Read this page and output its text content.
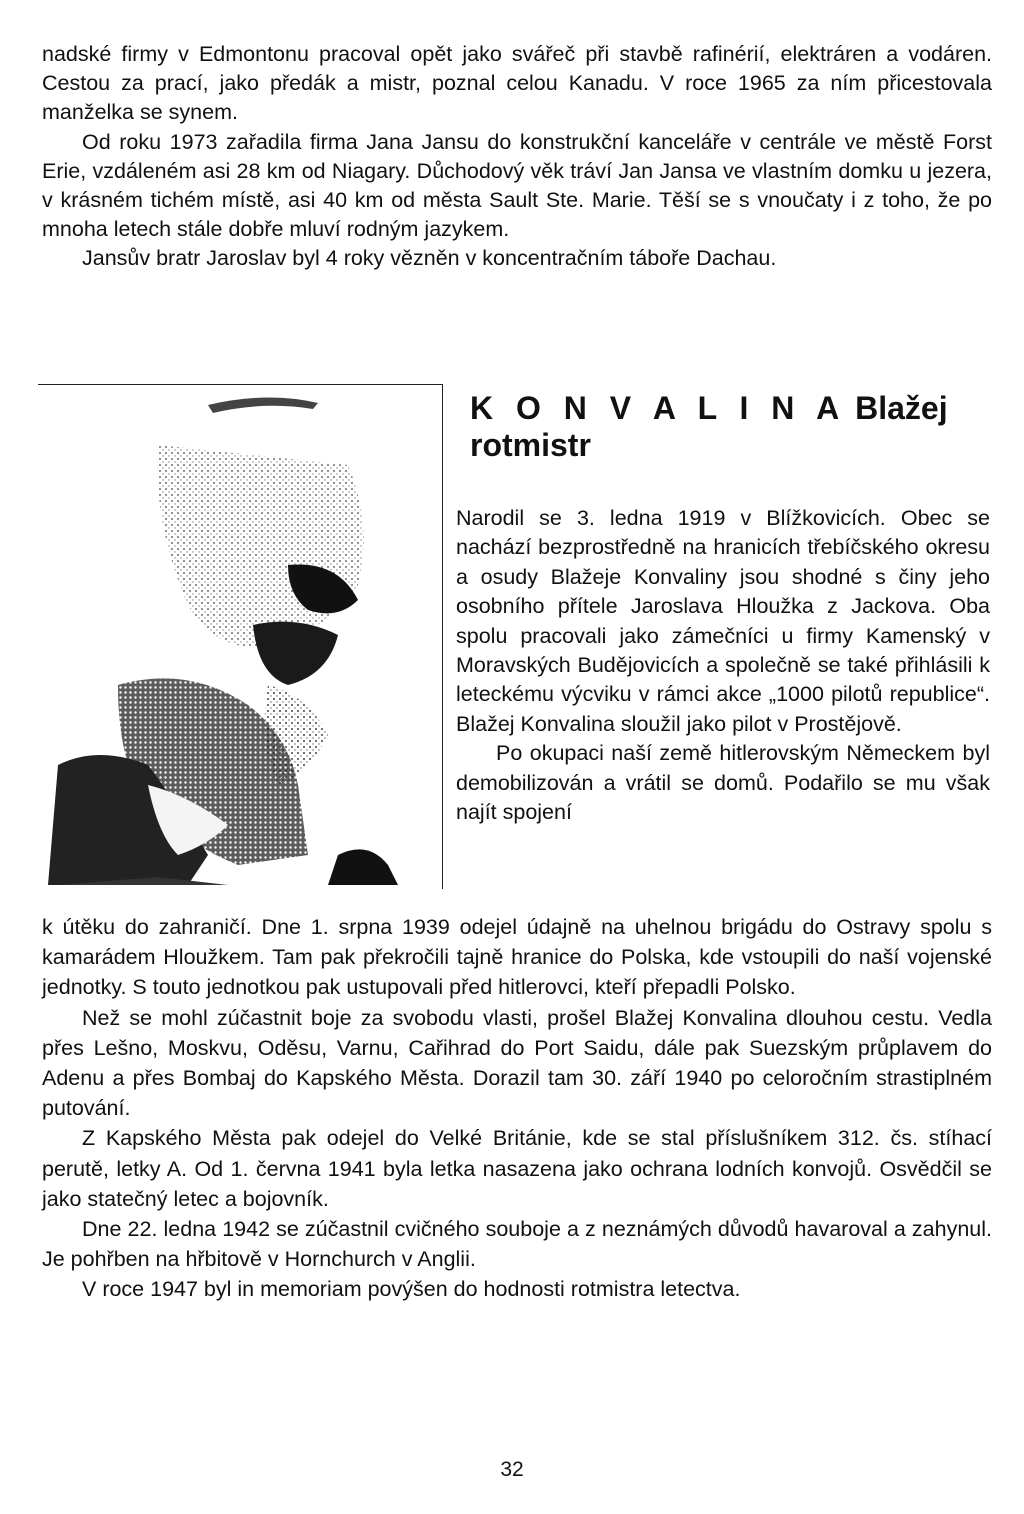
nadské firmy v Edmontonu pracoval opět jako svářeč při stavbě rafinérií, elektráren a vodáren. Cestou za prací, jako předák a mistr, poznal celou Kanadu. V roce 1965 za ním přicestovala manželka se synem.

Od roku 1973 zařadila firma Jana Jansu do konstrukční kanceláře v centrále ve městě Forst Erie, vzdáleném asi 28 km od Niagary. Důchodový věk tráví Jan Jansa ve vlastním domku u jezera, v krásném tichém místě, asi 40 km od města Sault Ste. Marie. Těší se s vnoučaty i z toho, že po mnoha letech stále dobře mluví rodným jazykem.

Jansův bratr Jaroslav byl 4 roky vězněn v koncentračním táboře Dachau.

K O N V A L I N A Blažej
rotmistr

Narodil se 3. ledna 1919 v Blížkovicích. Obec se nachází bezprostředně na hranicích třebíčského okresu a osudy Blažeje Konvaliny jsou shodné s činy jeho osobního přítele Jaroslava Hloužka z Jackova. Oba spolu pracovali jako zámečníci u firmy Kamenský v Moravských Budějovicích a společně se také přihlásili k leteckému výcviku v rámci akce „1000 pilotů republice“. Blažej Konvalina sloužil jako pilot v Prostějově.

Po okupaci naší země hitlerovským Německem byl demobilizován a vrátil se domů. Podařilo se mu však najít spojení

k útěku do zahraničí. Dne 1. srpna 1939 odejel údajně na uhelnou brigádu do Ostravy spolu s kamarádem Hloužkem. Tam pak překročili tajně hranice do Polska, kde vstoupili do naší vojenské jednotky. S touto jednotkou pak ustupovali před hitlerovci, kteří přepadli Polsko.

Než se mohl zúčastnit boje za svobodu vlasti, prošel Blažej Konvalina dlouhou cestu. Vedla přes Lešno, Moskvu, Oděsu, Varnu, Cařihrad do Port Saidu, dále pak Suezským průplavem do Adenu a přes Bombaj do Kapského Města. Dorazil tam 30. září 1940 po celoročním strastiplném putování.

Z Kapského Města pak odejel do Velké Británie, kde se stal příslušníkem 312. čs. stíhací perutě, letky A. Od 1. června 1941 byla letka nasazena jako ochrana lodních konvojů. Osvědčil se jako statečný letec a bojovník.

Dne 22. ledna 1942 se zúčastnil cvičného souboje a z neznámých důvodů havaroval a zahynul. Je pohřben na hřbitově v Hornchurch v Anglii.

V roce 1947 byl in memoriam povýšen do hodnosti rotmistra letectva.

32
